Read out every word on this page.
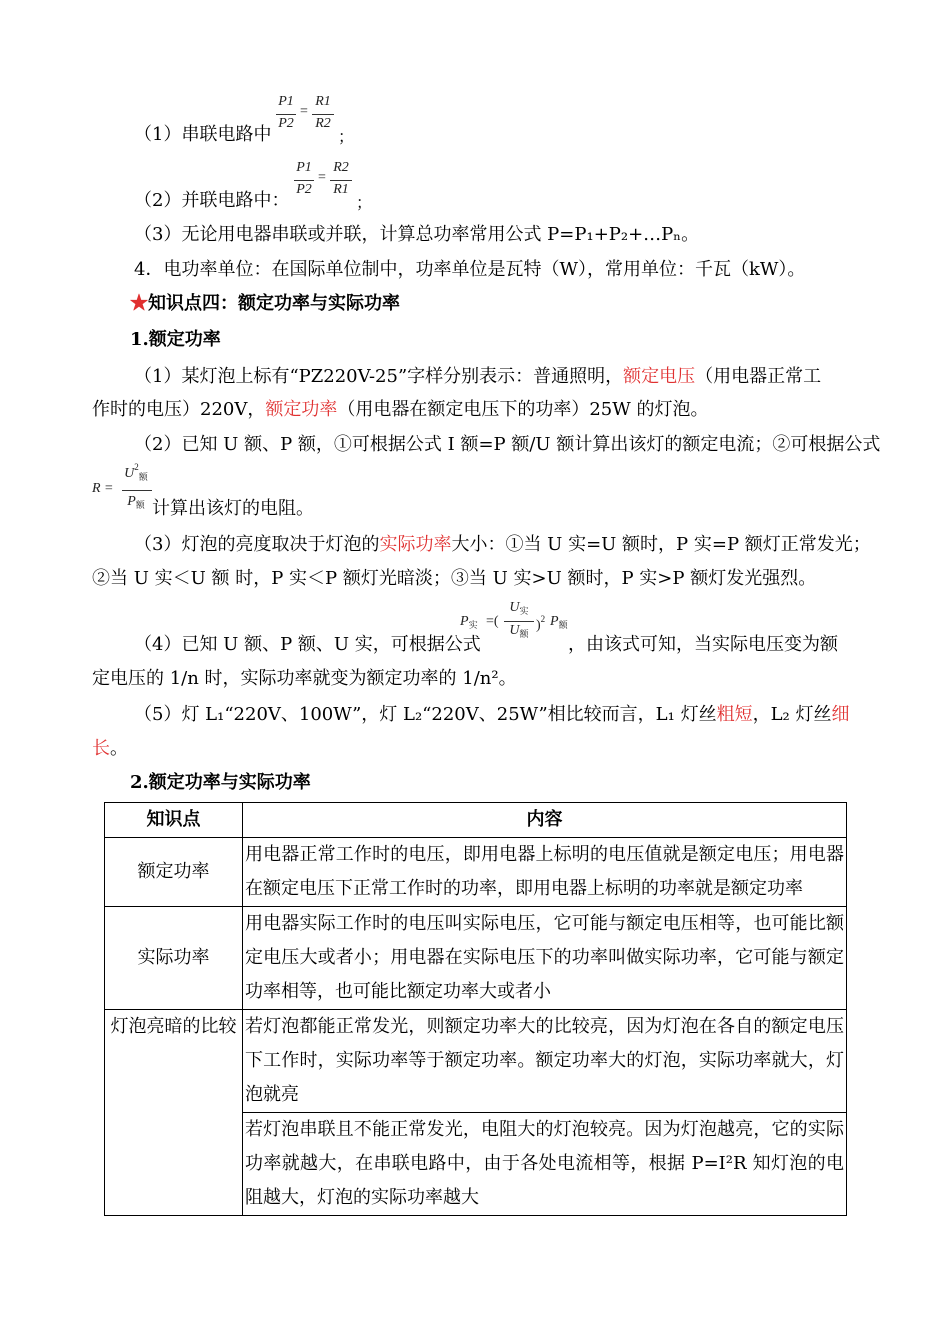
（1）串联电路中
P1
P2
=
R1
R2
；
（2）并联电路中：
P1
P2
=
R2
R1
；
（3）无论用电器串联或并联，计算总功率常用公式 P=P₁+P₂+…Pₙ。
4．电功率单位：在国际单位制中，功率单位是瓦特（W），常用单位：千瓦（kW）。
★知识点四：额定功率与实际功率
1.额定功率
（1）某灯泡上标有“PZ220V-25”字样分别表示：普通照明，额定电压（用电器正常工
作时的电压）220V，额定功率（用电器在额定电压下的功率）25W 的灯泡。
（2）已知 U 额、P 额，①可根据公式 I 额=P 额/U 额计算出该灯的额定电流；②可根据公式
R =
$U^2_额$
$P_额$ 计算出该灯的电阻。
（3）灯泡的亮度取决于灯泡的实际功率大小：①当 U 实=U 额时，P 实=P 额灯正常发光；
②当 U 实＜U 额 时，P 实＜P 额灯光暗淡；③当 U 实>U 额时，P 实>P 额灯发光强烈。
（4）已知 U 额、P 额、U 实，可根据公式
$P_实$ =(
$U_实$
$U_额$
)$^2$ $P_额$
，由该式可知，当实际电压变为额
定电压的 1/n 时，实际功率就变为额定功率的 1/n²。
（5）灯 L₁“220V、100W”，灯 L₂“220V、25W”相比较而言，L₁ 灯丝粗短，L₂ 灯丝细
长。
2.额定功率与实际功率
知识点	内容
额定功率	用电器正常工作时的电压，即用电器上标明的电压值就是额定电压；用电器在额定电压下正常工作时的功率，即用电器上标明的功率就是额定功率
实际功率	用电器实际工作时的电压叫实际电压，它可能与额定电压相等，也可能比额定电压大或者小；用电器在实际电压下的功率叫做实际功率，它可能与额定功率相等，也可能比额定功率大或者小
灯泡亮暗的比较	若灯泡都能正常发光，则额定功率大的比较亮，因为灯泡在各自的额定电压下工作时，实际功率等于额定功率。额定功率大的灯泡，实际功率就大，灯泡就亮
	若灯泡串联且不能正常发光，电阻大的灯泡较亮。因为灯泡越亮，它的实际功率就越大，在串联电路中，由于各处电流相等，根据 P=I²R 知灯泡的电阻越大，灯泡的实际功率越大
